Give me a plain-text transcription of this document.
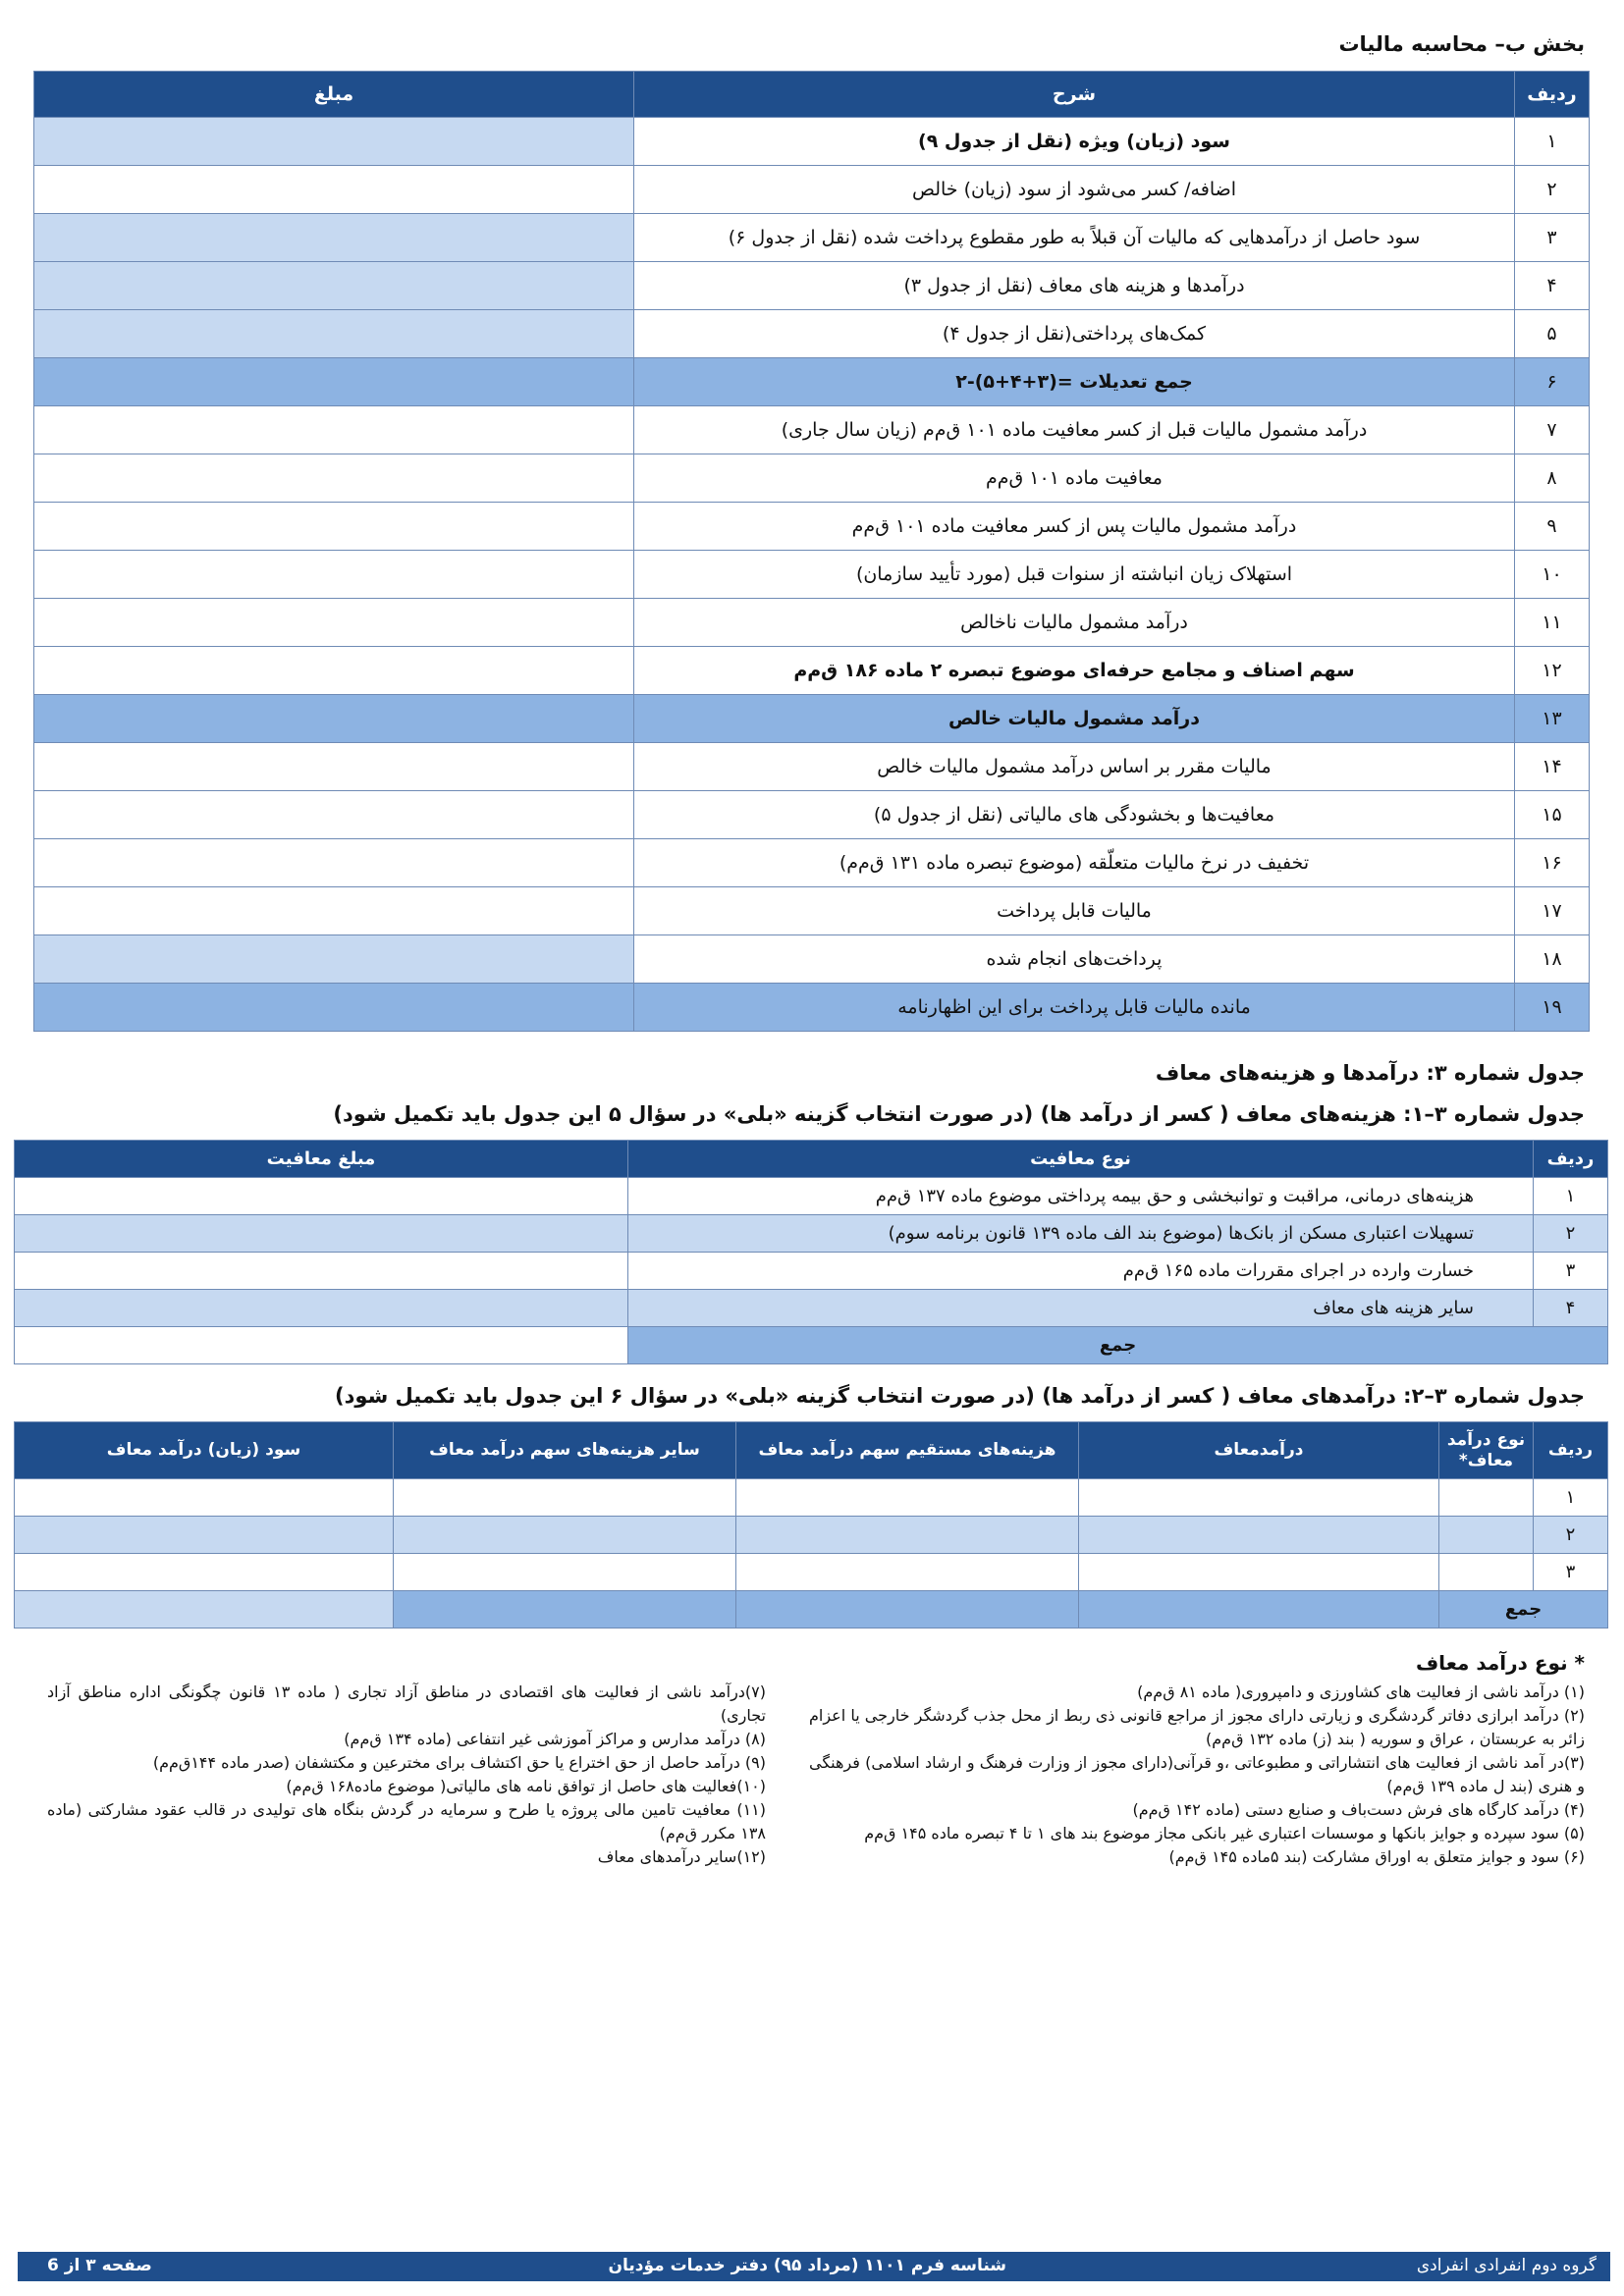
بخش ب– محاسبه مالیات
ردیف	شرح	مبلغ
۱	سود (زیان) ویژه (نقل از جدول ۹)	
۲	اضافه/ کسر می‌شود از سود (زیان) خالص	
۳	سود حاصل از درآمدهایی که مالیات آن قبلاً به طور مقطوع پرداخت شده (نقل از جدول ۶)	
۴	درآمدها و هزینه های معاف (نقل از جدول ۳)	
۵	کمک‌های پرداختی(نقل از جدول ۴)	
۶	جمع تعدیلات =(۳+۴+۵)-۲	
۷	درآمد مشمول مالیات قبل از کسر معافیت ماده ۱۰۱ ق‌م‌م (زیان سال جاری)	
۸	معافیت ماده ۱۰۱ ق‌م‌م	
۹	درآمد مشمول مالیات پس از کسر معافیت ماده ۱۰۱ ق‌م‌م	
۱۰	استهلاک زیان انباشته از سنوات قبل (مورد تأیید سازمان)	
۱۱	درآمد مشمول مالیات ناخالص	
۱۲	سهم اصناف و مجامع حرفه‌ای موضوع تبصره ۲ ماده ۱۸۶ ق‌م‌م	
۱۳	درآمد مشمول مالیات خالص	
۱۴	مالیات مقرر بر اساس درآمد مشمول مالیات خالص	
۱۵	معافیت‌ها و بخشودگی های مالیاتی (نقل از جدول ۵)	
۱۶	تخفیف در نرخ مالیات متعلّقه (موضوع تبصره ماده ۱۳۱ ق‌م‌م)	
۱۷	مالیات قابل پرداخت	
۱۸	پرداخت‌های انجام شده	
۱۹	مانده مالیات قابل پرداخت برای این اظهارنامه	
جدول شماره ۳: درآمدها و هزینه‌های معاف
جدول شماره ۳–۱: هزینه‌های معاف ( کسر از درآمد ها) (در صورت انتخاب گزینه «بلی» در سؤال ۵ این جدول باید تکمیل شود)
ردیف	نوع معافیت	مبلغ معافیت
۱	هزینه‌های درمانی، مراقبت و توانبخشی و حق بیمه پرداختی موضوع ماده ۱۳۷ ق‌م‌م	
۲	تسهیلات اعتباری مسکن از بانک‌ها (موضوع بند الف ماده ۱۳۹ قانون برنامه سوم)	
۳	خسارت وارده در اجرای مقررات ماده ۱۶۵ ق‌م‌م	
۴	سایر هزینه های معاف	
جمع		
جدول شماره ۳–۲: درآمدهای معاف ( کسر از درآمد ها) (در صورت انتخاب گزینه «بلی» در سؤال ۶ این جدول باید تکمیل شود)
ردیف	نوع درآمد معاف*	درآمدمعاف	هزینه‌های مستقیم سهم درآمد معاف	سایر هزینه‌های سهم درآمد معاف	سود (زیان) درآمد معاف
۱					
۲					
۳					
جمع					
* نوع درآمد معاف

(۱) درآمد ناشی از فعالیت های کشاورزی و دامپروری( ماده ۸۱ ق‌م‌م)

(۲) درآمد ابرازی دفاتر گردشگری و زیارتی دارای مجوز از مراجع قانونی ذی ربط از محل جذب گردشگر خارجی یا اعزام زائر به عربستان ، عراق و سوریه ( بند (ز) ماده ۱۳۲ ق‌م‌م)

(۳)در آمد ناشی از فعالیت های انتشاراتی و مطبوعاتی ،و قرآنی(دارای مجوز از وزارت فرهنگ و ارشاد اسلامی) فرهنگی و هنری (بند ل ماده ۱۳۹ ق‌م‌م)

(۴) درآمد کارگاه های فرش دست‌باف و صنایع دستی (ماده ۱۴۲ ق‌م‌م)

(۵) سود سپرده و جوایز بانکها و موسسات اعتباری غیر بانکی مجاز موضوع بند های ۱ تا ۴ تبصره ماده ۱۴۵ ق‌م‌م

(۶) سود و جوایز متعلق به اوراق مشارکت (بند ۵ماده ۱۴۵ ق‌م‌م)

(۷)درآمد ناشی از فعالیت های اقتصادی در مناطق آزاد تجاری ( ماده ۱۳ قانون چگونگی اداره مناطق آزاد تجاری)

(۸) درآمد مدارس و مراکز آموزشی غیر انتفاعی (ماده ۱۳۴ ق‌م‌م)

(۹) درآمد حاصل از حق اختراع یا حق اکتشاف برای مخترعین و مکتشفان (صدر ماده ۱۴۴ق‌م‌م)

(۱۰)فعالیت های حاصل از توافق نامه های مالیاتی( موضوع ماده۱۶۸ ق‌م‌م)

(۱۱) معافیت تامین مالی پروژه یا طرح و سرمایه در گردش بنگاه های تولیدی در قالب عقود مشارکتی (ماده ۱۳۸ مکرر ق‌م‌م)

(۱۲)سایر درآمدهای معاف

گروه دوم انفرادی انفرادی
شناسه فرم ۱۱۰۱ (مرداد ۹۵) دفتر خدمات مؤدیان
صفحه ۳ از 6
